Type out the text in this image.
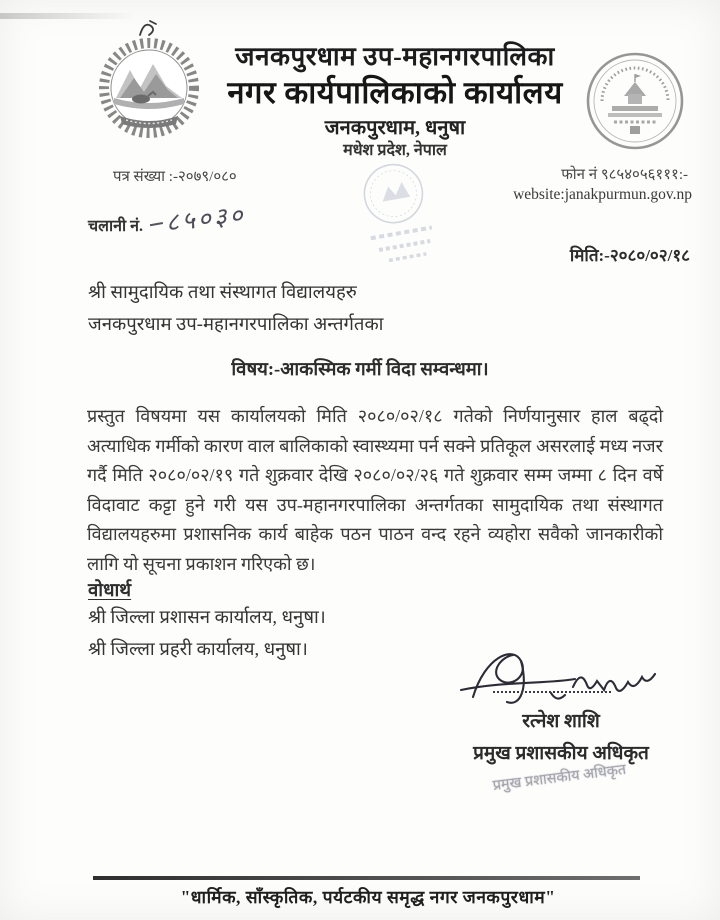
जनकपुरधाम उप-महानगरपालिका
नगर कार्यपालिकाको कार्यालय
जनकपुरधाम, धनुषा
मधेश प्रदेश, नेपाल
पत्र संख्या :-२०७९/०८०	फोन नं ९८५४०५६१११:-
website:janakpurmun.gov.np
चलानी नं. ८५०३०
मिति:-२०८०/०२/१८
श्री सामुदायिक तथा संस्थागत विद्यालयहरु
जनकपुरधाम उप-महानगरपालिका अन्तर्गतका
विषय:-आकस्मिक गर्मी विदा सम्वन्धमा।
प्रस्तुत विषयमा यस कार्यालयको मिति २०८०/०२/१८ गतेको निर्णयानुसार हाल बढ्दो अत्याधिक गर्मीको कारण वाल बालिकाको स्वास्थ्यमा पर्न सक्ने प्रतिकूल असरलाई मध्य नजर गर्दै मिति २०८०/०२/१९ गते शुक्रवार देखि २०८०/०२/२६ गते शुक्रवार सम्म जम्मा ८ दिन वर्षे विदावाट कट्टा हुने गरी यस उप-महानगरपालिका अन्तर्गतका सामुदायिक तथा संस्थागत विद्यालयहरुमा प्रशासनिक कार्य बाहेक पठन पाठन वन्द रहने व्यहोरा सवैको जानकारीको लागि यो सूचना प्रकाशन गरिएको छ।
वोधार्थ
श्री जिल्ला प्रशासन कार्यालय, धनुषा।
श्री जिल्ला प्रहरी कार्यालय, धनुषा।
रत्नेश शाशि
प्रमुख प्रशासकीय अधिकृत
प्रमुख प्रशासकीय अधिकृत
"धार्मिक, साँस्कृतिक, पर्यटकीय समृद्ध नगर जनकपुरधाम"
